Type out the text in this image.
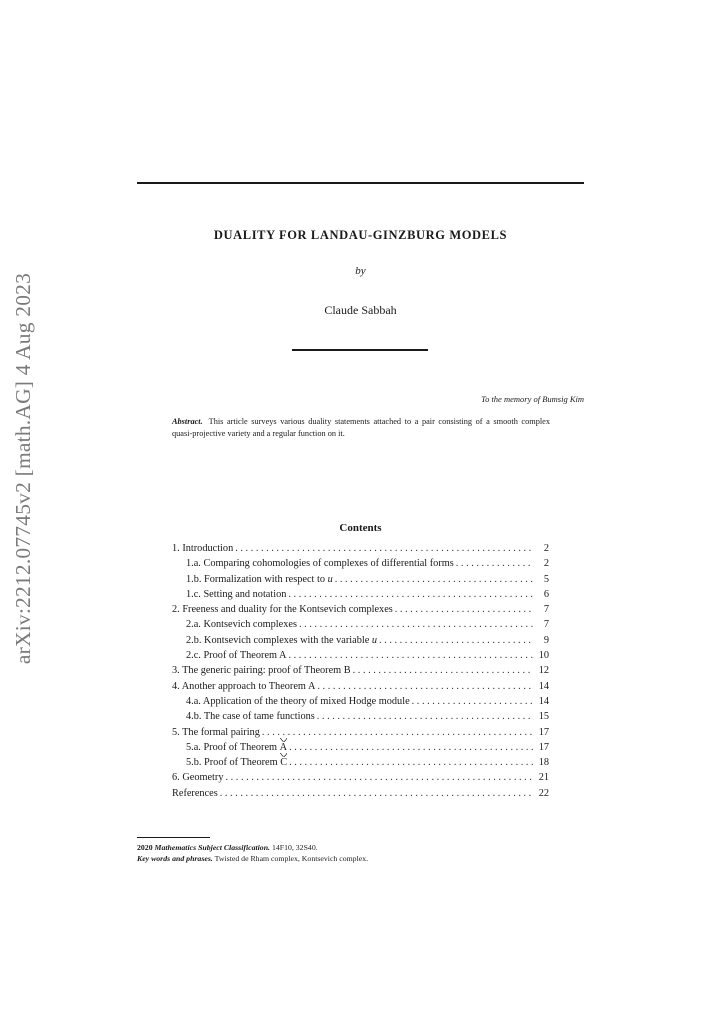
arXiv:2212.07745v2 [math.AG] 4 Aug 2023
DUALITY FOR LANDAU-GINZBURG MODELS
by
Claude Sabbah
To the memory of Bumsig Kim
Abstract. This article surveys various duality statements attached to a pair consisting of a smooth complex quasi-projective variety and a regular function on it.
Contents
1. Introduction . . .	2
1.a. Comparing cohomologies of complexes of differential forms . . .	2
1.b. Formalization with respect to u . . .	5
1.c. Setting and notation . . .	6
2. Freeness and duality for the Kontsevich complexes . . .	7
2.a. Kontsevich complexes . . .	7
2.b. Kontsevich complexes with the variable u . . .	9
2.c. Proof of Theorem A . . .	10
3. The generic pairing: proof of Theorem B . . .	12
4. Another approach to Theorem A . . .	14
4.a. Application of the theory of mixed Hodge module . . .	14
4.b. The case of tame functions . . .	15
5. The formal pairing . . .	17
5.a. Proof of Theorem A . . .	17
5.b. Proof of Theorem C . . .	18
6. Geometry . . .	21
References . . .	22
2020 Mathematics Subject Classification. 14F10, 32S40.
Key words and phrases. Twisted de Rham complex, Kontsevich complex.
